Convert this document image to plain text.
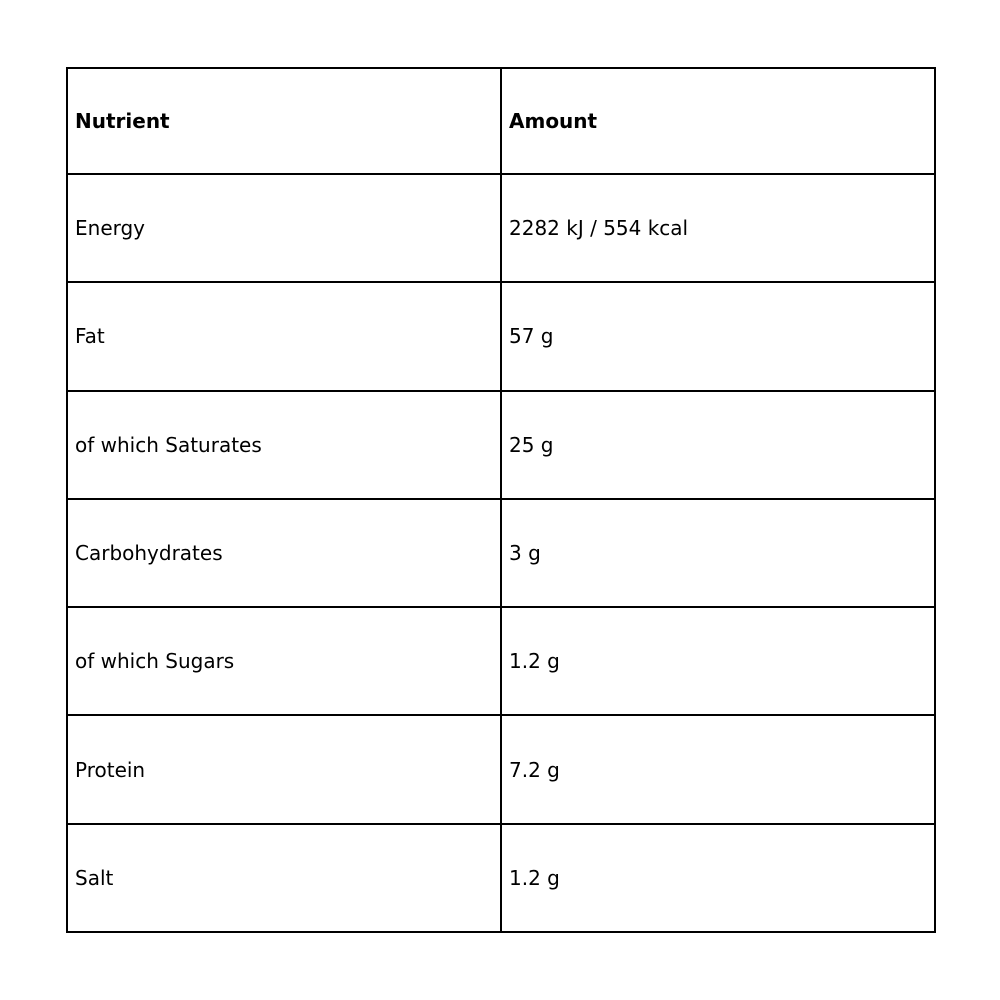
Nutrient	Amount
Energy	2282 kJ / 554 kcal
Fat	57 g
of which Saturates	25 g
Carbohydrates	3 g
of which Sugars	1.2 g
Protein	7.2 g
Salt	1.2 g
